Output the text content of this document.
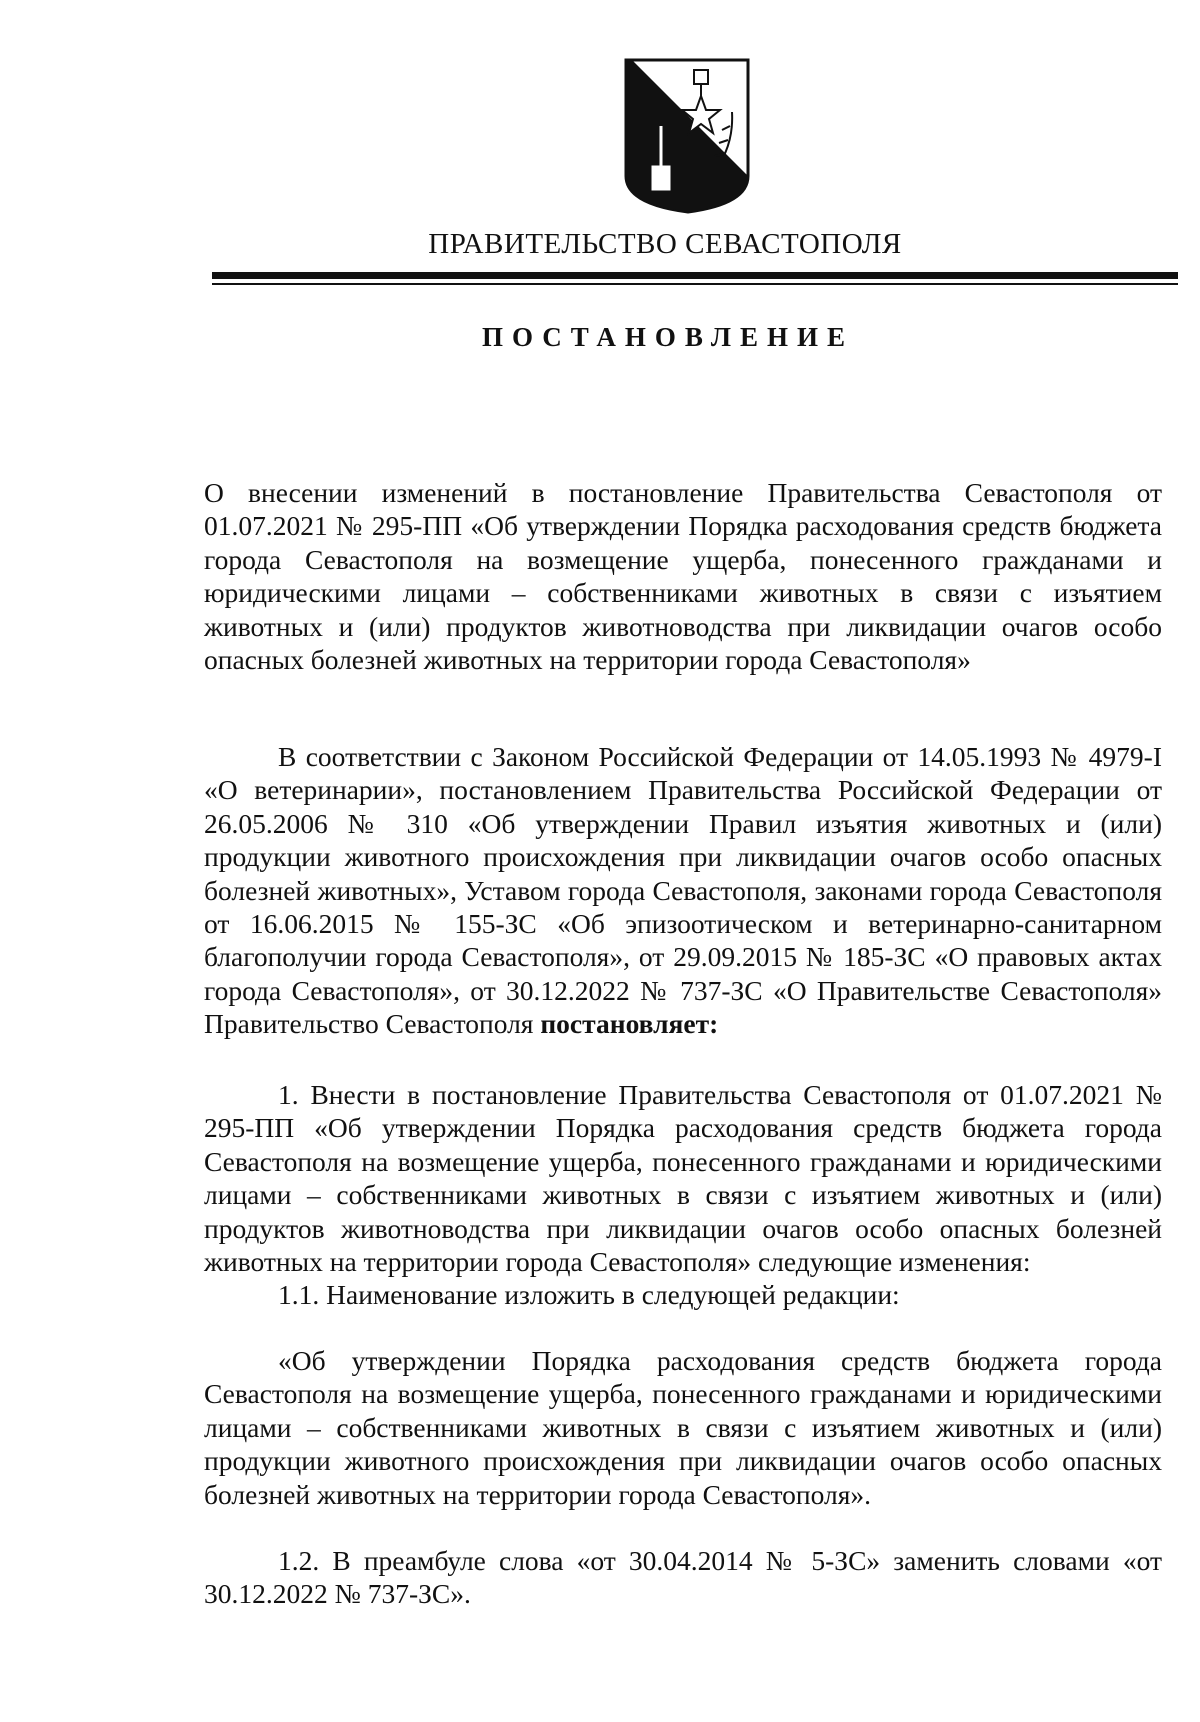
ПРАВИТЕЛЬСТВО СЕВАСТОПОЛЯ
ПОСТАНОВЛЕНИЕ

О внесении изменений в постановление Правительства Севастополя от 01.07.2021 № 295-ПП «Об утверждении Порядка расходования средств бюджета города Севастополя на возмещение ущерба, понесенного гражданами и юридическими лицами – собственниками животных в связи с изъятием животных и (или) продуктов животноводства при ликвидации очагов особо опасных болезней животных на территории города Севастополя»

В соответствии с Законом Российской Федерации от 14.05.1993 № 4979-I «О ветеринарии», постановлением Правительства Российской Федерации от 26.05.2006 № 310 «Об утверждении Правил изъятия животных и (или) продукции животного происхождения при ликвидации очагов особо опасных болезней животных», Уставом города Севастополя, законами города Севастополя от 16.06.2015 № 155-ЗС «Об эпизоотическом и ветеринарно-санитарном благополучии города Севастополя», от 29.09.2015 № 185-ЗС «О правовых актах города Севастополя», от 30.12.2022 № 737-ЗС «О Правительстве Севастополя» Правительство Севастополя постановляет:

1. Внести в постановление Правительства Севастополя от 01.07.2021 № 295-ПП «Об утверждении Порядка расходования средств бюджета города Севастополя на возмещение ущерба, понесенного гражданами и юридическими лицами – собственниками животных в связи с изъятием животных и (или) продуктов животноводства при ликвидации очагов особо опасных болезней животных на территории города Севастополя» следующие изменения:

1.1. Наименование изложить в следующей редакции:

«Об утверждении Порядка расходования средств бюджета города Севастополя на возмещение ущерба, понесенного гражданами и юридическими лицами – собственниками животных в связи с изъятием животных и (или) продукции животного происхождения при ликвидации очагов особо опасных болезней животных на территории города Севастополя».

1.2. В преамбуле слова «от 30.04.2014 № 5-ЗС» заменить словами «от 30.12.2022 № 737-ЗС».
